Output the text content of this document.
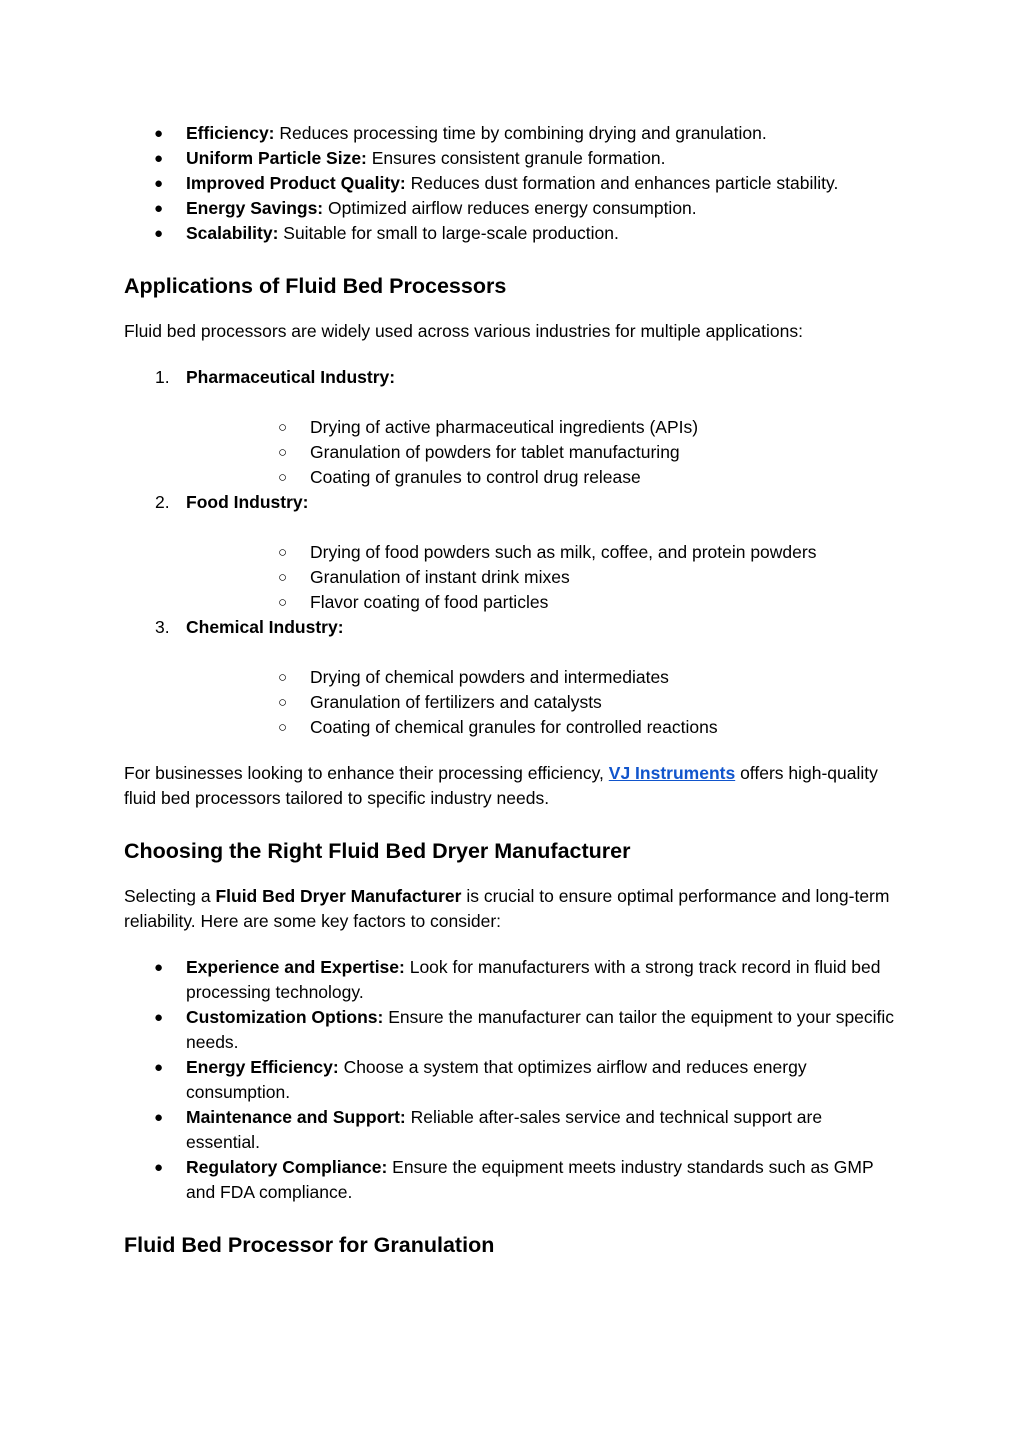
● Efficiency: Reduces processing time by combining drying and granulation.
● Uniform Particle Size: Ensures consistent granule formation.
● Improved Product Quality: Reduces dust formation and enhances particle stability.
● Energy Savings: Optimized airflow reduces energy consumption.
● Scalability: Suitable for small to large-scale production.
Applications of Fluid Bed Processors

Fluid bed processors are widely used across various industries for multiple applications:

1. Pharmaceutical Industry:
○ Drying of active pharmaceutical ingredients (APIs)
○ Granulation of powders for tablet manufacturing
○ Coating of granules to control drug release
2. Food Industry:
○ Drying of food powders such as milk, coffee, and protein powders
○ Granulation of instant drink mixes
○ Flavor coating of food particles
3. Chemical Industry:
○ Drying of chemical powders and intermediates
○ Granulation of fertilizers and catalysts
○ Coating of chemical granules for controlled reactions

For businesses looking to enhance their processing efficiency, VJ Instruments offers high-quality fluid bed processors tailored to specific industry needs.

Choosing the Right Fluid Bed Dryer Manufacturer

Selecting a Fluid Bed Dryer Manufacturer is crucial to ensure optimal performance and long-term reliability. Here are some key factors to consider:

● Experience and Expertise: Look for manufacturers with a strong track record in fluid bed processing technology.
● Customization Options: Ensure the manufacturer can tailor the equipment to your specific needs.
● Energy Efficiency: Choose a system that optimizes airflow and reduces energy consumption.
● Maintenance and Support: Reliable after-sales service and technical support are essential.
● Regulatory Compliance: Ensure the equipment meets industry standards such as GMP and FDA compliance.
Fluid Bed Processor for Granulation
